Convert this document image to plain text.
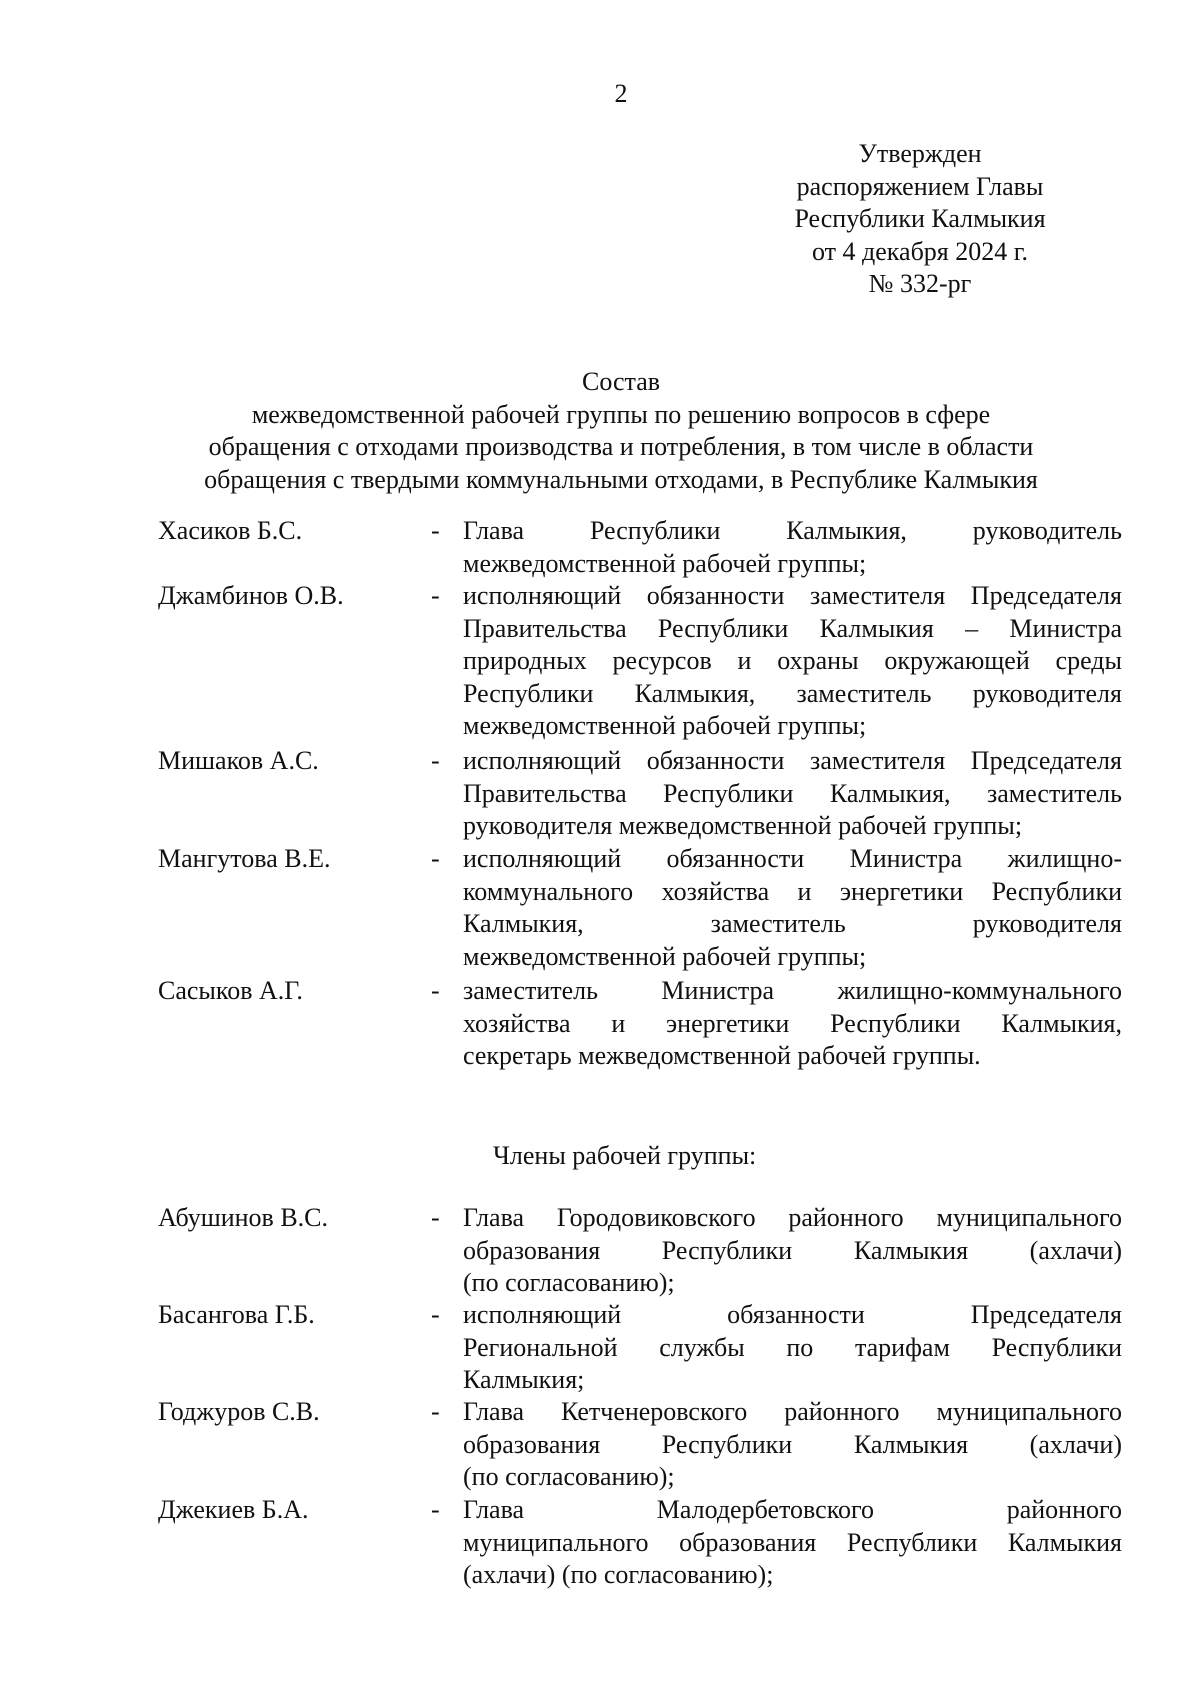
2
Утвержден
распоряжением Главы
Республики Калмыкия
от 4 декабря 2024 г.
№ 332-рг
Состав
межведомственной рабочей группы по решению вопросов в сфере
обращения с отходами производства и потребления, в том числе в области
обращения с твердыми коммунальными отходами, в Республике Калмыкия
Хасиков Б.С.	- Глава Республики Калмыкия, руководитель
межведомственной рабочей группы;
Джамбинов О.В.	- исполняющий обязанности заместителя Председателя
Правительства Республики Калмыкия – Министра
природных ресурсов и охраны окружающей среды
Республики Калмыкия, заместитель руководителя
межведомственной рабочей группы;
Мишаков А.С.	- исполняющий обязанности заместителя Председателя
Правительства Республики Калмыкия, заместитель
руководителя межведомственной рабочей группы;
Мангутова В.Е.	- исполняющий обязанности Министра жилищно-
коммунального хозяйства и энергетики Республики
Калмыкия, заместитель руководителя
межведомственной рабочей группы;
Сасыков А.Г.	- заместитель Министра жилищно-коммунального
хозяйства и энергетики Республики Калмыкия,
секретарь межведомственной рабочей группы.
Члены рабочей группы:
Абушинов В.С.	- Глава Городовиковского районного муниципального
образования Республики Калмыкия (ахлачи)
(по согласованию);
Басангова Г.Б.	- исполняющий обязанности Председателя
Региональной службы по тарифам Республики
Калмыкия;
Годжуров С.В.	- Глава Кетченеровского районного муниципального
образования Республики Калмыкия (ахлачи)
(по согласованию);
Джекиев Б.А.	- Глава Малодербетовского районного
муниципального образования Республики Калмыкия
(ахлачи) (по согласованию);
